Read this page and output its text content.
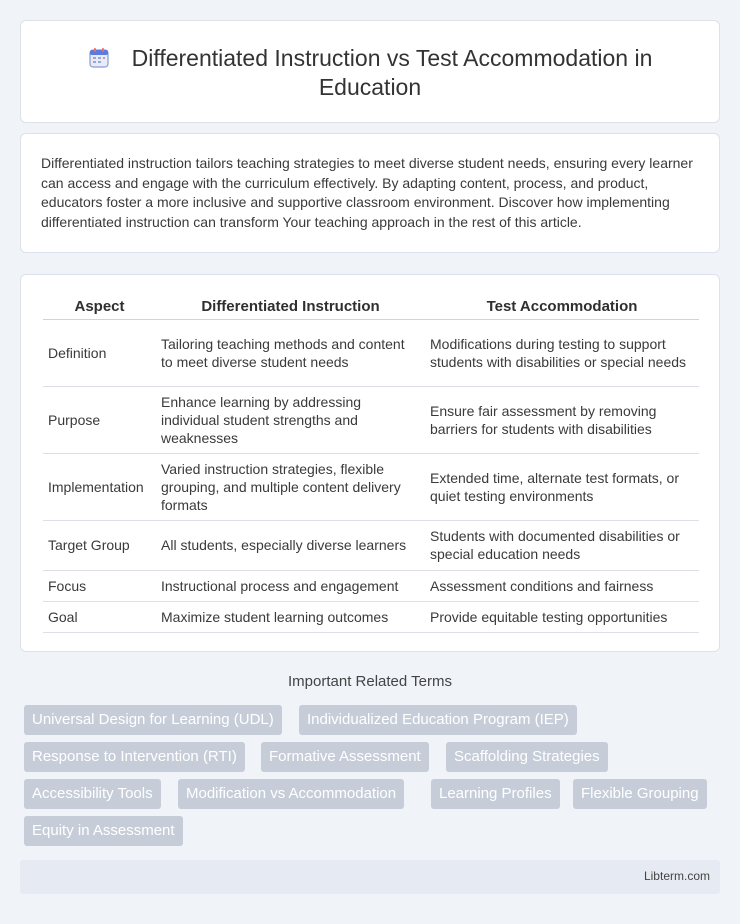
Differentiated Instruction vs Test Accommodation in Education

Differentiated instruction tailors teaching strategies to meet diverse student needs, ensuring every learner can access and engage with the curriculum effectively. By adapting content, process, and product, educators foster a more inclusive and supportive classroom environment. Discover how implementing differentiated instruction can transform Your teaching approach in the rest of this article.

Aspect	Differentiated Instruction	Test Accommodation
Definition	Tailoring teaching methods and content to meet diverse student needs	Modifications during testing to support students with disabilities or special needs
Purpose	Enhance learning by addressing individual student strengths and weaknesses	Ensure fair assessment by removing barriers for students with disabilities
Implementation	Varied instruction strategies, flexible grouping, and multiple content delivery formats	Extended time, alternate test formats, or quiet testing environments
Target Group	All students, especially diverse learners	Students with documented disabilities or special education needs
Focus	Instructional process and engagement	Assessment conditions and fairness
Goal	Maximize student learning outcomes	Provide equitable testing opportunities
Important Related Terms
Universal Design for Learning (UDL)	Individualized Education Program (IEP)
Response to Intervention (RTI)	Formative Assessment	Scaffolding Strategies
Accessibility Tools	Modification vs Accommodation	Learning Profiles	Flexible Grouping
Equity in Assessment
Libterm.com
